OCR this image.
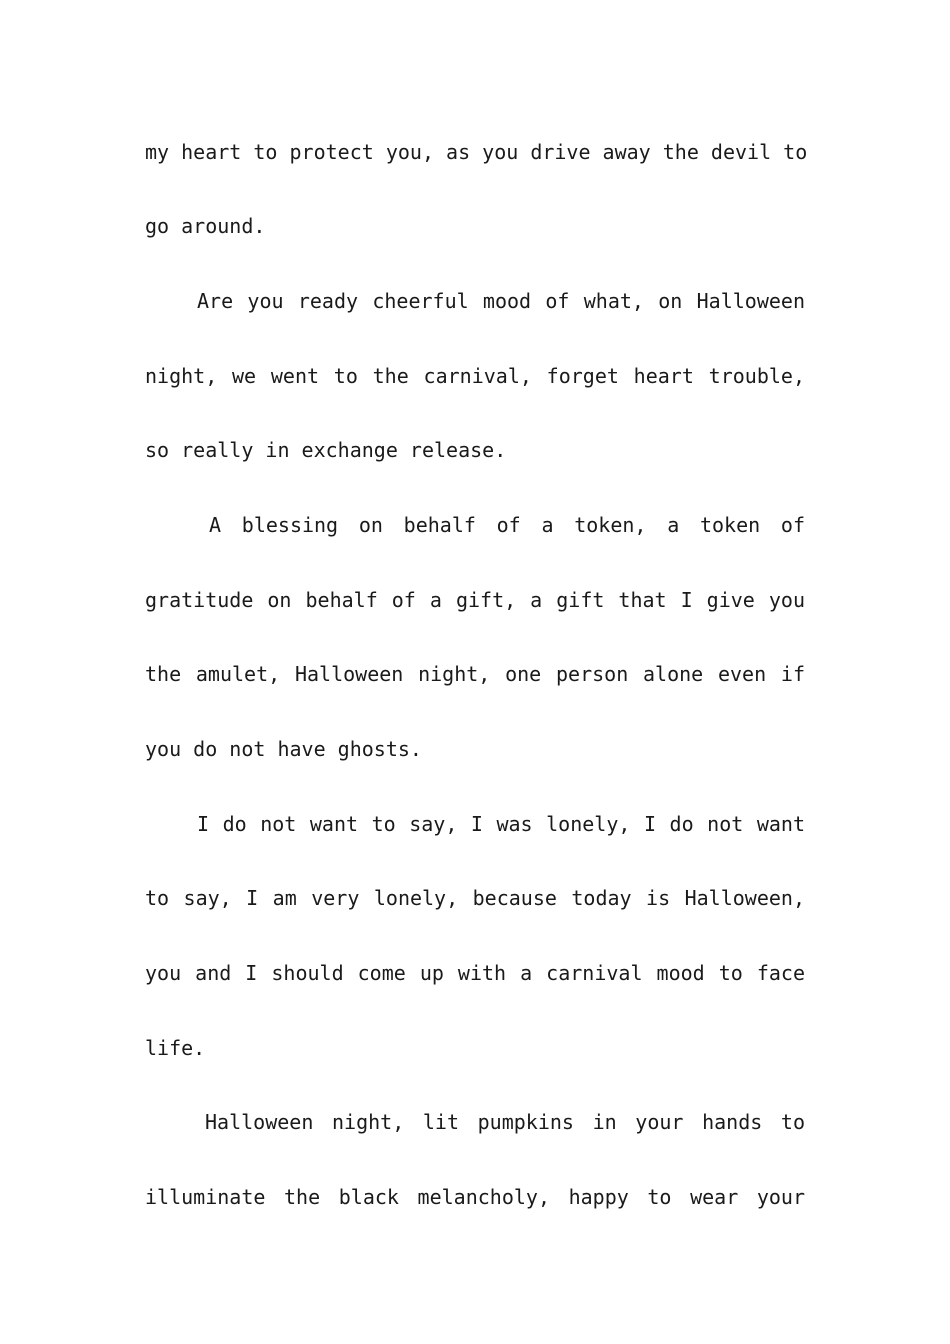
my heart to protect you, as you drive away the devil to
go around.
Are you ready cheerful mood of what, on Halloween
night, we went to the carnival, forget heart trouble,
so really in exchange release.
A blessing on behalf of a token, a token of
gratitude on behalf of a gift, a gift that I give you
the amulet, Halloween night, one person alone even if
you do not have ghosts.
I do not want to say, I was lonely, I do not want
to say, I am very lonely, because today is Halloween,
you and I should come up with a carnival mood to face
life.
Halloween night, lit pumpkins in your hands to
illuminate the black melancholy, happy to wear your
